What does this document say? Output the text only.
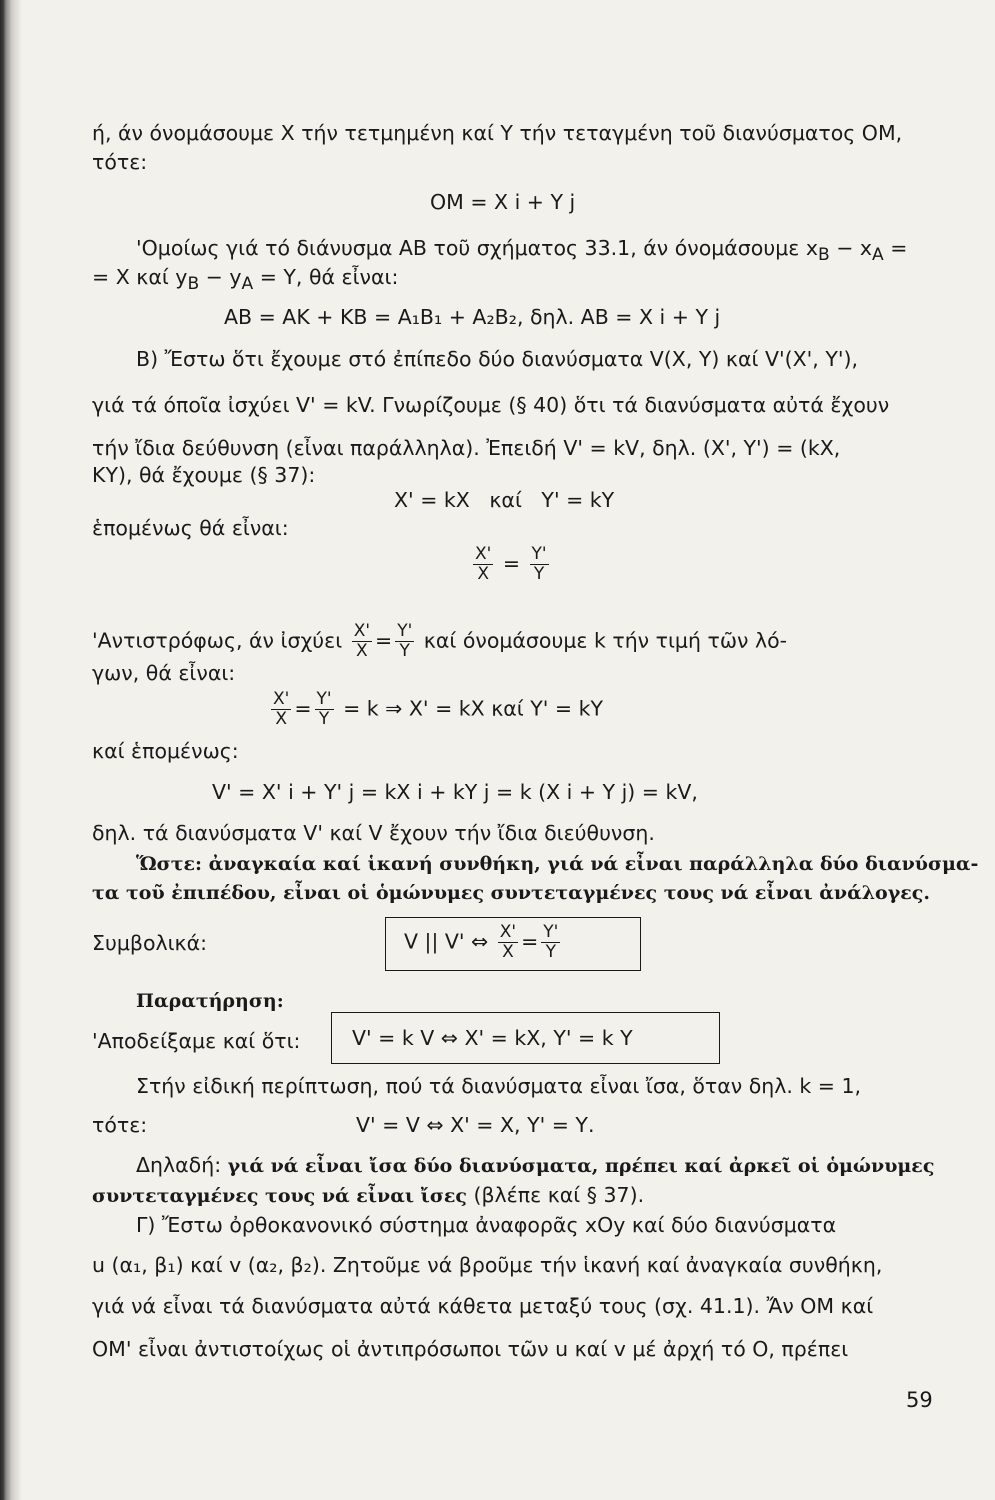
ή, άν όνομάσουμε Χ τήν τετμημένη καί Υ τήν τεταγμένη τοῦ διανύσματος ΟΜ,
τότε:
ΟΜ = Χ i + Υ j
'Ομοίως γιά τό διάνυσμα ΑΒ τοῦ σχήματος 33.1, άν όνομάσουμε $x_B - x_A$ =
= Χ καί $y_B - y_A = \Upsilon$, θά εἶναι:
ΑΒ = ΑΚ + ΚΒ = Α₁Β₁ + Α₂Β₂, δηλ. ΑΒ = Χ i + Υ j
Β) Ἔστω ὅτι ἔχουμε στό ἐπίπεδο δύο διανύσματα V(Χ, Υ) καί V'(Χ', Υ'),
γιά τά όποῖα ἰσχύει V' = kV. Γνωρίζουμε (§ 40) ὅτι τά διανύσματα αὐτά ἔχουν
τήν ἴδια δεύθυνση (εἶναι παράλληλα). Ἐπειδή V' = kV, δηλ. (Χ', Υ') = (kΧ,
ΚΥ), θά ἔχουμε (§ 37):
Χ' = kΧ   καί   Υ' = kΥ
ἑπομένως θά εἶναι:
$\frac{X'}{X} = \frac{\Upsilon'}{\Upsilon}$
'Αντιστρόφως, άν ἰσχύει $\frac{X'}{X} = \frac{\Upsilon'}{\Upsilon}$ καί όνομάσουμε k τήν τιμή τῶν λό-
γων, θά εἶναι:
$\frac{X'}{X} = \frac{\Upsilon'}{\Upsilon} = k$ ⇒ Χ' = kΧ καί Υ' = kΥ
καί ἑπομένως:
V' = Χ' i + Υ' j = kΧ i + kΥ j = k (Χ i + Υ j) = kV,
δηλ. τά διανύσματα V' καί V ἔχουν τήν ἴδια διεύθυνση.
Ὥστε: ἀναγκαία καί ἱκανή συνθήκη, γιά νά εἶναι παράλληλα δύο διανύσμα-
τα τοῦ ἐπιπέδου, εἶναι οἱ ὁμώνυμες συντεταγμένες τους νά εἶναι ἀνάλογες.
Συμβολικά:	V || V' ⇔ $\frac{X'}{X} = \frac{\Upsilon'}{\Upsilon}$
Παρατήρηση:
'Αποδείξαμε καί ὅτι:	V' = k V ⇔ Χ' = kΧ, Υ' = k Υ
Στήν εἰδική περίπτωση, πού τά διανύσματα εἶναι ἴσα, ὅταν δηλ. k = 1,
τότε:	V' = V ⇔ Χ' = Χ, Υ' = Υ.
Δηλαδή: γιά νά εἶναι ἴσα δύο διανύσματα, πρέπει καί ἀρκεῖ οἱ ὁμώνυμες
συντεταγμένες τους νά εἶναι ἴσες (βλέπε καί § 37).
Γ) Ἔστω ὀρθοκανονικό σύστημα ἀναφορᾶς xOy καί δύο διανύσματα
u (α₁, β₁) καί v (α₂, β₂). Ζητοῦμε νά βροῦμε τήν ἱκανή καί ἀναγκαία συνθήκη,
γιά νά εἶναι τά διανύσματα αὐτά κάθετα μεταξύ τους (σχ. 41.1). Ἄν ΟΜ καί
ΟΜ' εἶναι ἀντιστοίχως οἱ ἀντιπρόσωποι τῶν u καί v μέ ἀρχή τό Ο, πρέπει
59
